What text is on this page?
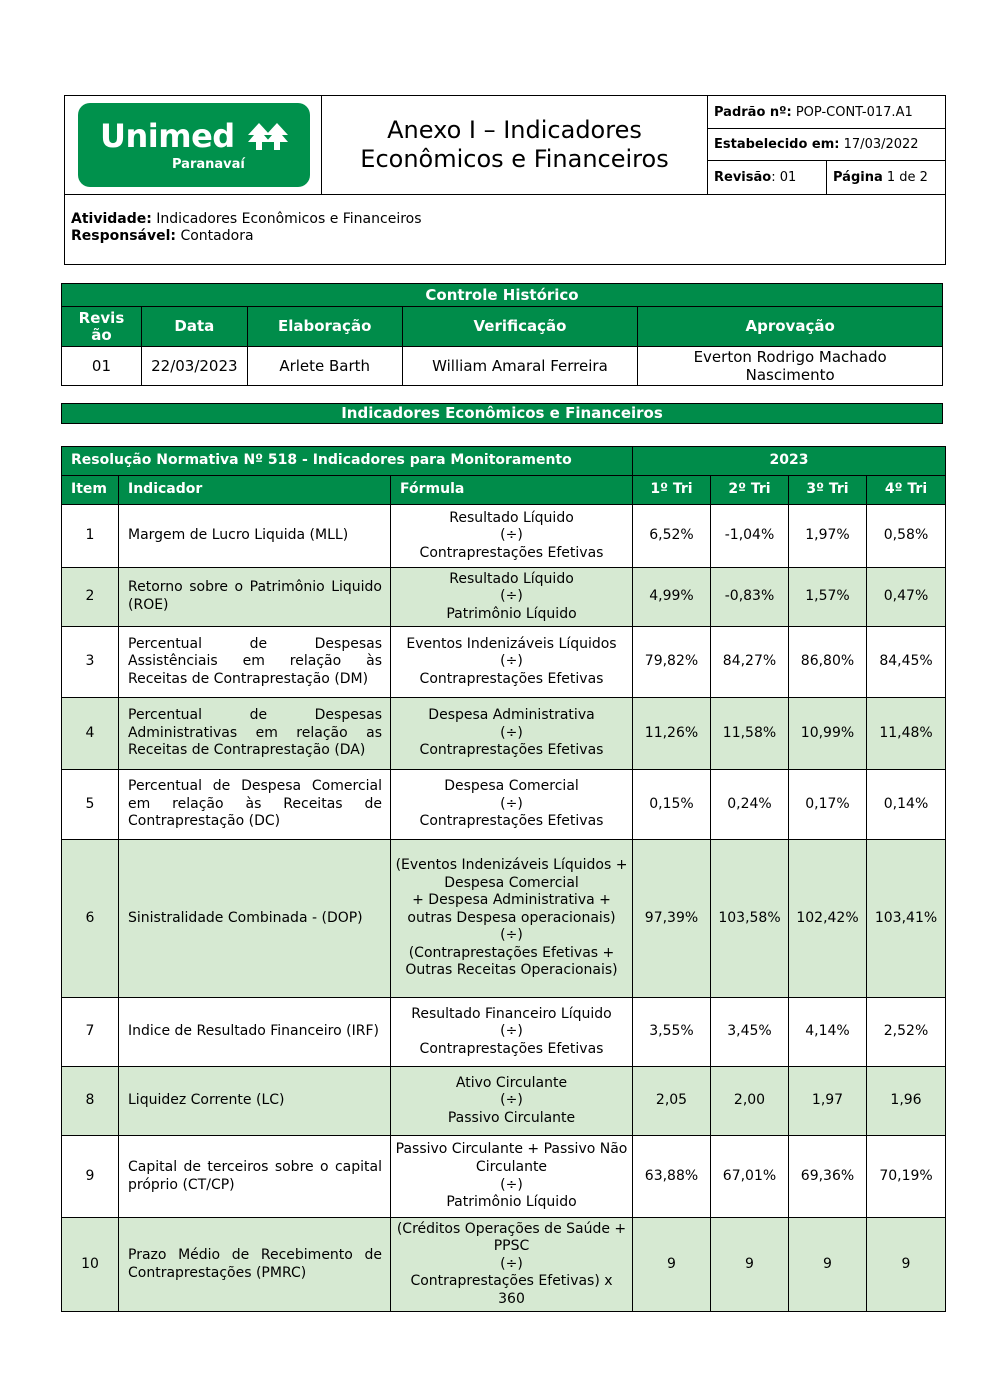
Unimed
Paranavaí
Anexo I – Indicadores
Econômicos e Financeiros
Padrão nº:
POP-CONT-017.A1
Estabelecido em:
17/03/2022
Revisão : 01	Página
1 de 2
Atividade: Indicadores Econômicos e Financeiros
Responsável: Contadora
Controle Histórico				
Revis
ão	Data	Elaboração	Verificação	Aprovação
01	22/03/2023	Arlete Barth	William Amaral Ferreira	Everton Rodrigo Machado Nascimento
Indicadores Econômicos e Financeiros
Resolução Normativa Nº 518 - Indicadores para Monitoramento			2023			
Item	Indicador	Fórmula	1º Tri	2º Tri	3º Tri	4º Tri
1	Margem de Lucro Liquida (MLL)	Resultado Líquido
(÷)
Contraprestações Efetivas	6,52%	-1,04%	1,97%	0,58%
2	Retorno sobre o Patrimônio Liquido (ROE)	Resultado Líquido
(÷)
Patrimônio Líquido	4,99%	-0,83%	1,57%	0,47%
3	Percentual de Despesas Assistênciais em relação às Receitas de Contraprestação (DM)	Eventos Indenizáveis Líquidos
(÷)
Contraprestações Efetivas	79,82%	84,27%	86,80%	84,45%
4	Percentual de Despesas Administrativas em relação as Receitas de Contraprestação (DA)	Despesa Administrativa
(÷)
Contraprestações Efetivas	11,26%	11,58%	10,99%	11,48%
5	Percentual de Despesa Comercial em relação às Receitas de Contraprestação (DC)	Despesa Comercial
(÷)
Contraprestações Efetivas	0,15%	0,24%	0,17%	0,14%
6	Sinistralidade Combinada - (DOP)	(Eventos Indenizáveis Líquidos + Despesa Comercial
+ Despesa Administrativa + outras Despesa operacionais)
(÷)
(Contraprestações Efetivas + Outras Receitas Operacionais)	97,39%	103,58%	102,42%	103,41%
7	Indice de Resultado Financeiro (IRF)	Resultado Financeiro Líquido
(÷)
Contraprestações Efetivas	3,55%	3,45%	4,14%	2,52%
8	Liquidez Corrente (LC)	Ativo Circulante
(÷)
Passivo Circulante	2,05	2,00	1,97	1,96
9	Capital de terceiros sobre o capital próprio (CT/CP)	Passivo Circulante + Passivo Não Circulante
(÷)
Patrimônio Líquido	63,88%	67,01%	69,36%	70,19%
10	Prazo Médio de Recebimento de Contraprestações (PMRC)	(Créditos Operações de Saúde + PPSC
(÷)
Contraprestações Efetivas) x 360	9	9	9	9
